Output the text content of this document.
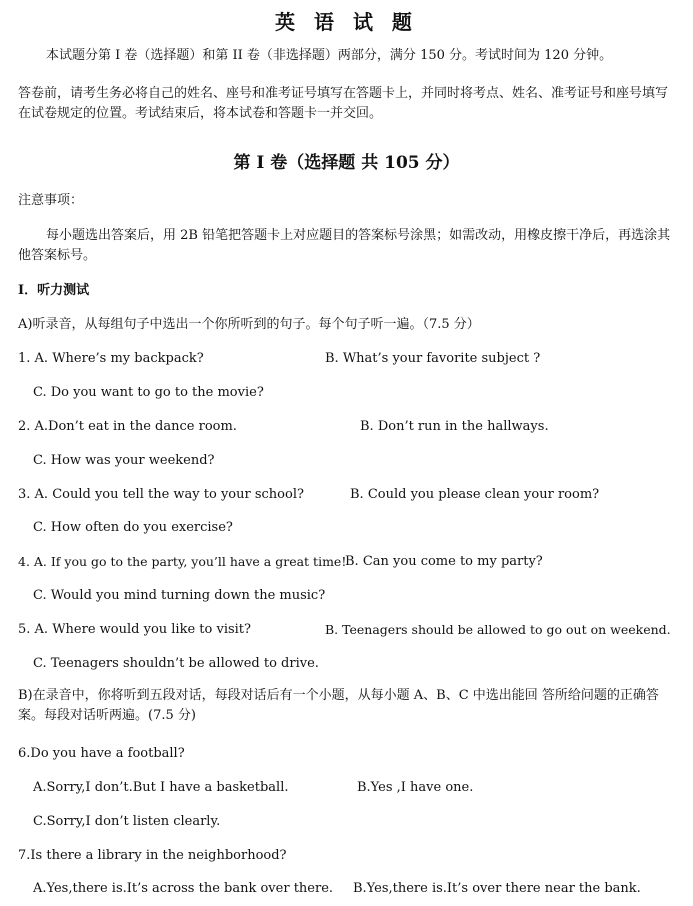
英 语 试 题
本试题分第 I 卷（选择题）和第 II 卷（非选择题）两部分，满分 150 分。考试时间为 120 分钟。
答卷前，请考生务必将自己的姓名、座号和准考证号填写在答题卡上，并同时将考点、姓名、准考证号和座号填写在试卷规定的位置。考试结束后，将本试卷和答题卡一并交回。
第 I 卷（选择题 共 105 分）
注意事项：
每小题选出答案后，用 2B 铅笔把答题卡上对应题目的答案标号涂黑；如需改动，用橡皮擦干净后，再选涂其他答案标号。
I．听力测试
A)听录音，从每组句子中选出一个你所听到的句子。每个句子听一遍。（7.5 分）
1. A. Where’s my backpack?	B. What’s your favorite subject ?
C. Do you want to go to the movie?
2. A.Don’t eat in the dance room.	B. Don’t run in the hallways.
C. How was your weekend?
3. A. Could you tell the way to your school?	B. Could you please clean your room?
C. How often do you exercise?
4. A. If you go to the party, you’ll have a great time!
B. Can you come to my party?
C. Would you mind turning down the music?
5. A. Where would you like to visit?	B. Teenagers should be allowed to go out on weekend.
C. Teenagers shouldn’t be allowed to drive.
B)在录音中，你将听到五段对话，每段对话后有一个小题，从每小题 A、B、C 中选出能回 答所给问题的正确答案。每段对话听两遍。(7.5 分)
6.Do you have a football?
A.Sorry,I don’t.But I have a basketball.	B.Yes ,I have one.
C.Sorry,I don’t listen clearly.
7.Is there a library in the neighborhood?
A.Yes,there is.It’s across the bank over there. B.Yes,there is.It’s over there near the bank.
